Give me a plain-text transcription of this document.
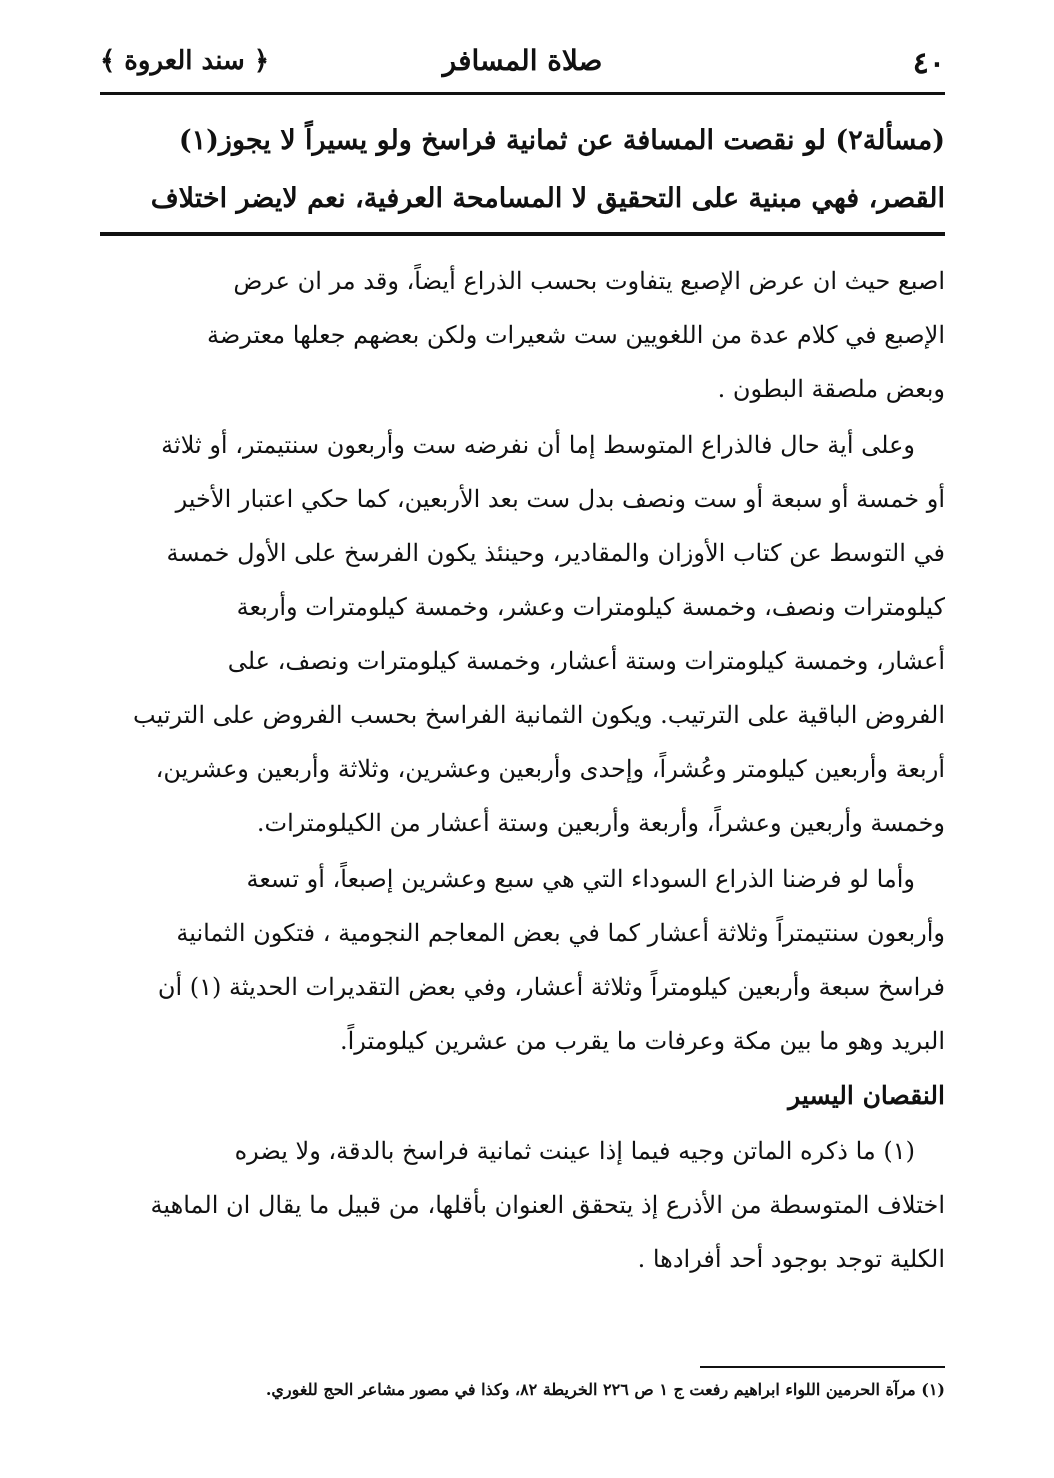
٤٠
صلاة المسافر
﴿ سند العروة ﴾
(مسألة٢) لو نقصت المسافة عن ثمانية فراسخ ولو يسيراً لا يجوز(١)
القصر، فهي مبنية على التحقيق لا المسامحة العرفية، نعم لايضر اختلاف
اصبع حيث ان عرض الإصبع يتفاوت بحسب الذراع أيضاً، وقد مر ان عرض
الإصبع في كلام عدة من اللغويين ست شعيرات ولكن بعضهم جعلها معترضة
وبعض ملصقة البطون .
وعلى أية حال فالذراع المتوسط إما أن نفرضه ست وأربعون سنتيمتر، أو ثلاثة
أو خمسة أو سبعة أو ست ونصف بدل ست بعد الأربعين، كما حكي اعتبار الأخير
في التوسط عن كتاب الأوزان والمقادير، وحينئذ يكون الفرسخ على الأول خمسة
كيلومترات ونصف، وخمسة كيلومترات وعشر، وخمسة كيلومترات وأربعة
أعشار، وخمسة كيلومترات وستة أعشار، وخمسة كيلومترات ونصف، على
الفروض الباقية على الترتيب. ويكون الثمانية الفراسخ بحسب الفروض على الترتيب
أربعة وأربعين كيلومتر وعُشراً، وإحدى وأربعين وعشرين، وثلاثة وأربعين وعشرين،
وخمسة وأربعين وعشراً، وأربعة وأربعين وستة أعشار من الكيلومترات.
وأما لو فرضنا الذراع السوداء التي هي سبع وعشرين إصبعاً، أو تسعة
وأربعون سنتيمتراً وثلاثة أعشار كما في بعض المعاجم النجومية ، فتكون الثمانية
فراسخ سبعة وأربعين كيلومتراً وثلاثة أعشار، وفي بعض التقديرات الحديثة (١) أن
البريد وهو ما بين مكة وعرفات ما يقرب من عشرين كيلومتراً.
النقصان اليسير
(١) ما ذكره الماتن وجيه فيما إذا عينت ثمانية فراسخ بالدقة، ولا يضره
اختلاف المتوسطة من الأذرع إذ يتحقق العنوان بأقلها، من قبيل ما يقال ان الماهية
الكلية توجد بوجود أحد أفرادها .
(١) مرآة الحرمين اللواء ابراهيم رفعت ج ١ ص ٢٢٦ الخريطة ٨٢، وكذا في مصور مشاعر الحج للغوري.
